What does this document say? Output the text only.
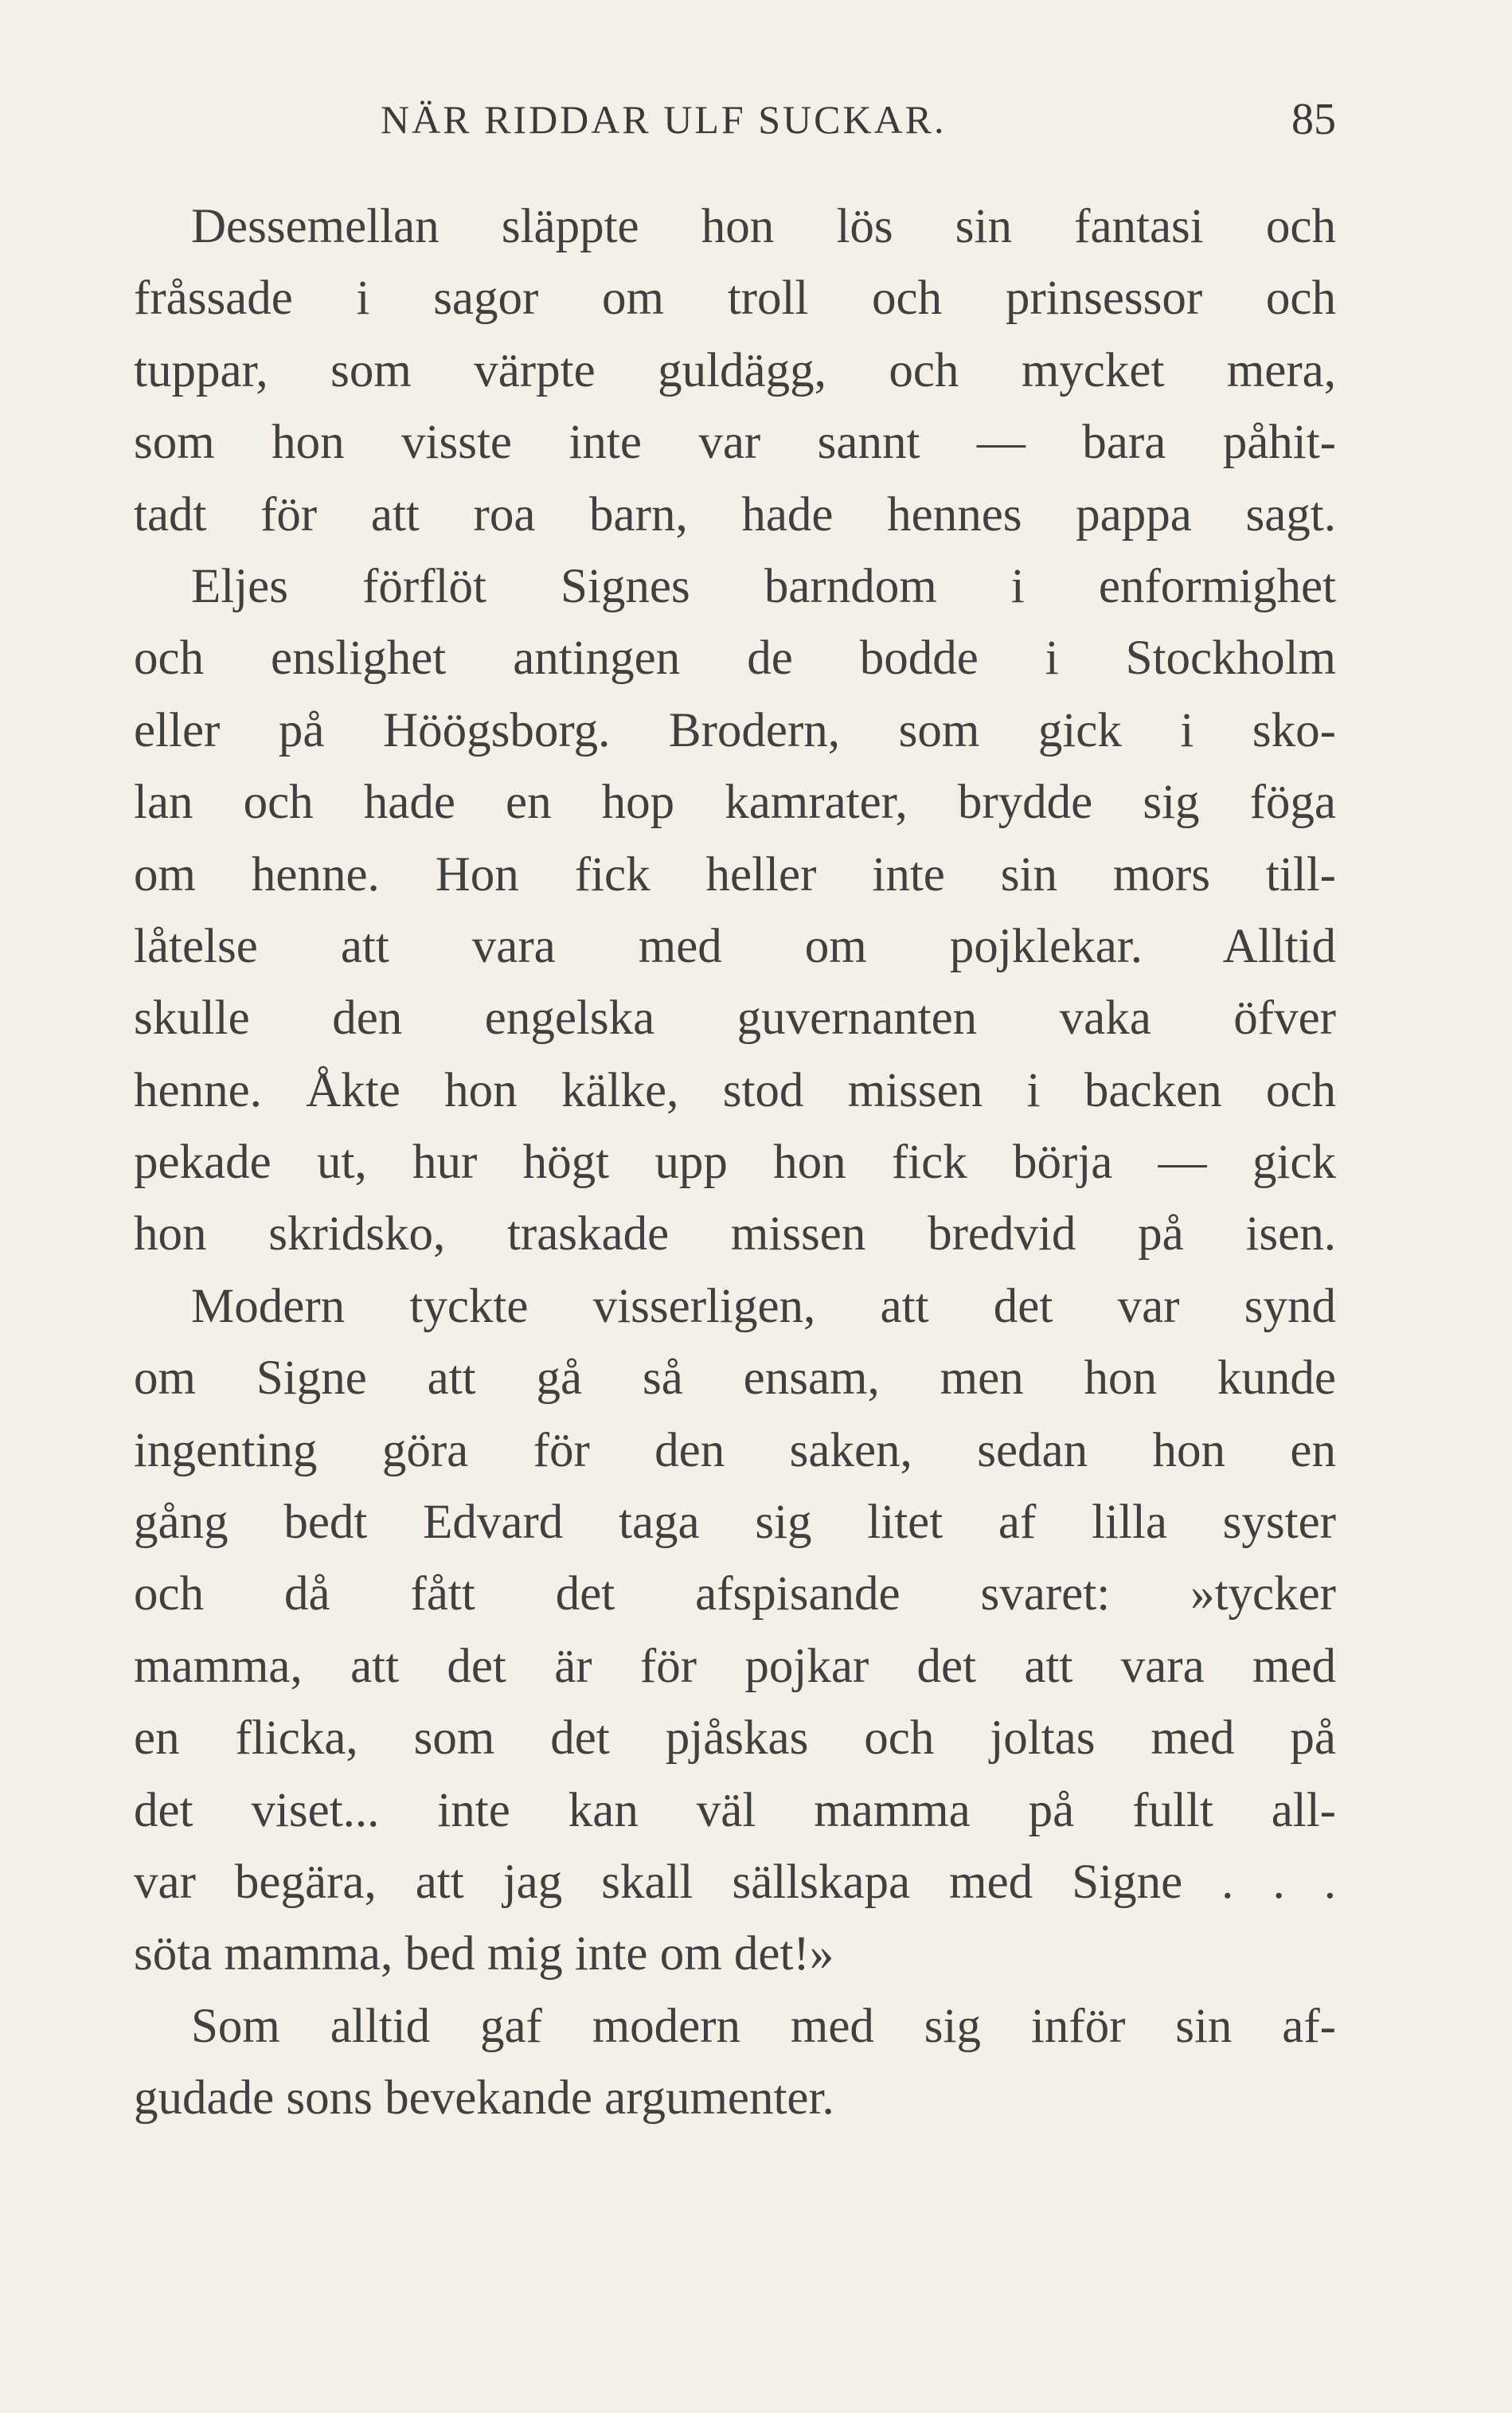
NÄR RIDDAR ULF SUCKAR.	85
Dessemellan släppte hon lös sin fantasi och
fråssade i sagor om troll och prinsessor och
tuppar, som värpte guldägg, och mycket mera,
som hon visste inte var sannt — bara påhit-
tadt för att roa barn, hade hennes pappa sagt.
Eljes förflöt Signes barndom i enformighet
och enslighet antingen de bodde i Stockholm
eller på Höögsborg. Brodern, som gick i sko-
lan och hade en hop kamrater, brydde sig föga
om henne. Hon fick heller inte sin mors till-
låtelse att vara med om pojklekar. Alltid
skulle den engelska guvernanten vaka öfver
henne. Åkte hon kälke, stod missen i backen och
pekade ut, hur högt upp hon fick börja — gick
hon skridsko, traskade missen bredvid på isen.
Modern tyckte visserligen, att det var synd
om Signe att gå så ensam, men hon kunde
ingenting göra för den saken, sedan hon en
gång bedt Edvard taga sig litet af lilla syster
och då fått det afspisande svaret: »tycker
mamma, att det är för pojkar det att vara med
en flicka, som det pjåskas och joltas med på
det viset... inte kan väl mamma på fullt all-
var begära, att jag skall sällskapa med Signe . . .
söta mamma, bed mig inte om det!»
Som alltid gaf modern med sig inför sin af-
gudade sons bevekande argumenter.
